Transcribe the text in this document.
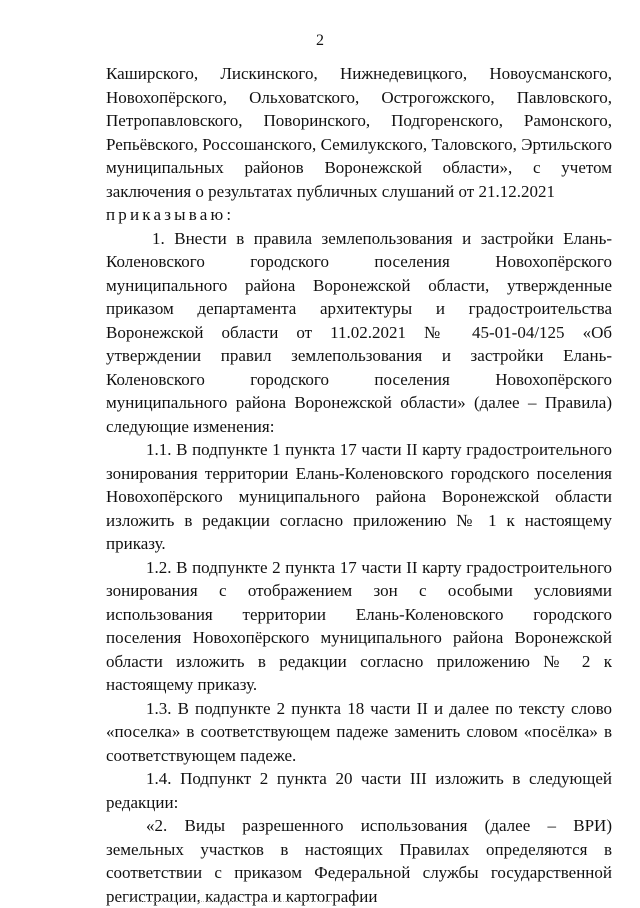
2

Каширского, Лискинского, Нижнедевицкого, Новоусманского, Новохопёрского, Ольховатского, Острогожского, Павловского, Петропавловского, Поворинского, Подгоренского, Рамонского, Репьёвского, Россошанского, Семилукского, Таловского, Эртильского муниципальных районов Воронежской области», с учетом заключения о результатах публичных слушаний от 21.12.2021

приказываю:

1. Внести в правила землепользования и застройки Елань-Коленовского городского поселения Новохопёрского муниципального района Воронежской области, утвержденные приказом департамента архитектуры и градостроительства Воронежской области от 11.02.2021 № 45-01-04/125 «Об утверждении правил землепользования и застройки Елань-Коленовского городского поселения Новохопёрского муниципального района Воронежской области» (далее – Правила) следующие изменения:

1.1. В подпункте 1 пункта 17 части II карту градостроительного зонирования территории Елань-Коленовского городского поселения Новохопёрского муниципального района Воронежской области изложить в редакции согласно приложению № 1 к настоящему приказу.

1.2. В подпункте 2 пункта 17 части II карту градостроительного зонирования с отображением зон с особыми условиями использования территории Елань-Коленовского городского поселения Новохопёрского муниципального района Воронежской области изложить в редакции согласно приложению № 2 к настоящему приказу.

1.3. В подпункте 2 пункта 18 части II и далее по тексту слово «поселка» в соответствующем падеже заменить словом «посёлка» в соответствующем падеже.

1.4. Подпункт 2 пункта 20 части III изложить в следующей редакции:

«2. Виды разрешенного использования (далее – ВРИ) земельных участков в настоящих Правилах определяются в соответствии с приказом Федеральной службы государственной регистрации, кадастра и картографии
